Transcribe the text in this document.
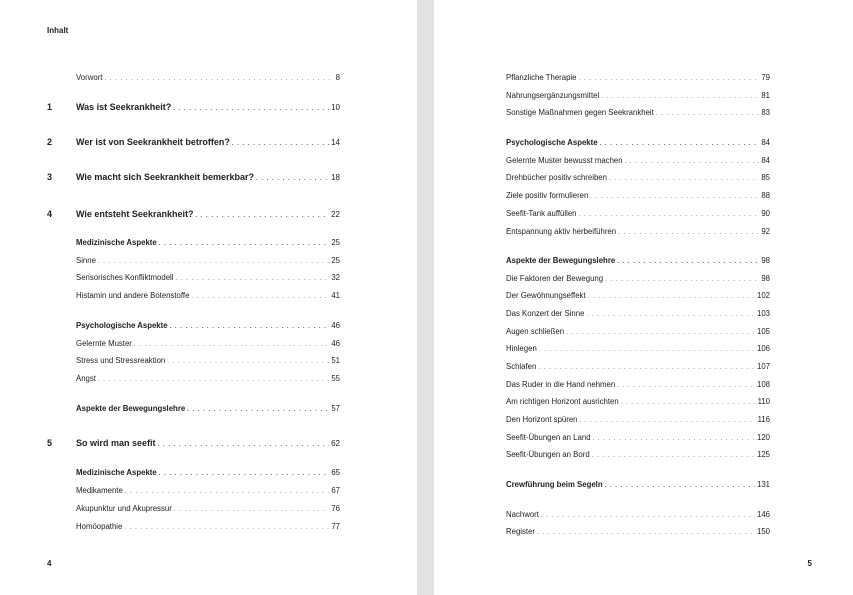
Inhalt
Vorwort . . .	8
1	Was ist Seekrankheit? . . .	10
2	Wer ist von Seekrankheit betroffen? . . .	14
3	Wie macht sich Seekrankheit bemerkbar? . . .	18
4	Wie entsteht Seekrankheit? . . .	22
Medizinische Aspekte . . .	25
Sinne . . .	25
Sensorisches Konfliktmodell . . .	32
Histamin und andere Botenstoffe . . .	41
Psychologische Aspekte . . .	46
Gelernte Muster . . .	46
Stress und Stressreaktion . . .	51
Angst . . .	55
Aspekte der Bewegungslehre . . .	57
5	So wird man seefit . . .	62
Medizinische Aspekte . . .	65
Medikamente . . .	67
Akupunktur und Akupressur . . .	76
Homöopathie . . .	77
4
Pflanzliche Therapie . . .	79
Nahrungsergänzungsmittel . . .	81
Sonstige Maßnahmen gegen Seekrankheit . . .	83
Psychologische Aspekte . . .	84
Gelernte Muster bewusst machen . . .	84
Drehbücher positiv schreiben . . .	85
Ziele positiv formulieren . . .	88
Seefit-Tank auffüllen . . .	90
Entspannung aktiv herbeiführen . . .	92
Aspekte der Bewegungslehre . . .	98
Die Faktoren der Bewegung . . .	98
Der Gewöhnungseffekt . . .	102
Das Konzert der Sinne . . .	103
Augen schließen . . .	105
Hinlegen . . .	106
Schlafen . . .	107
Das Ruder in die Hand nehmen . . .	108
Am richtigen Horizont ausrichten . . .	110
Den Horizont spüren . . .	116
Seefit-Übungen an Land . . .	120
Seefit-Übungen an Bord . . .	125
Crewführung beim Segeln . . .	131
Nachwort . . .	146
Register . . .	150
5
